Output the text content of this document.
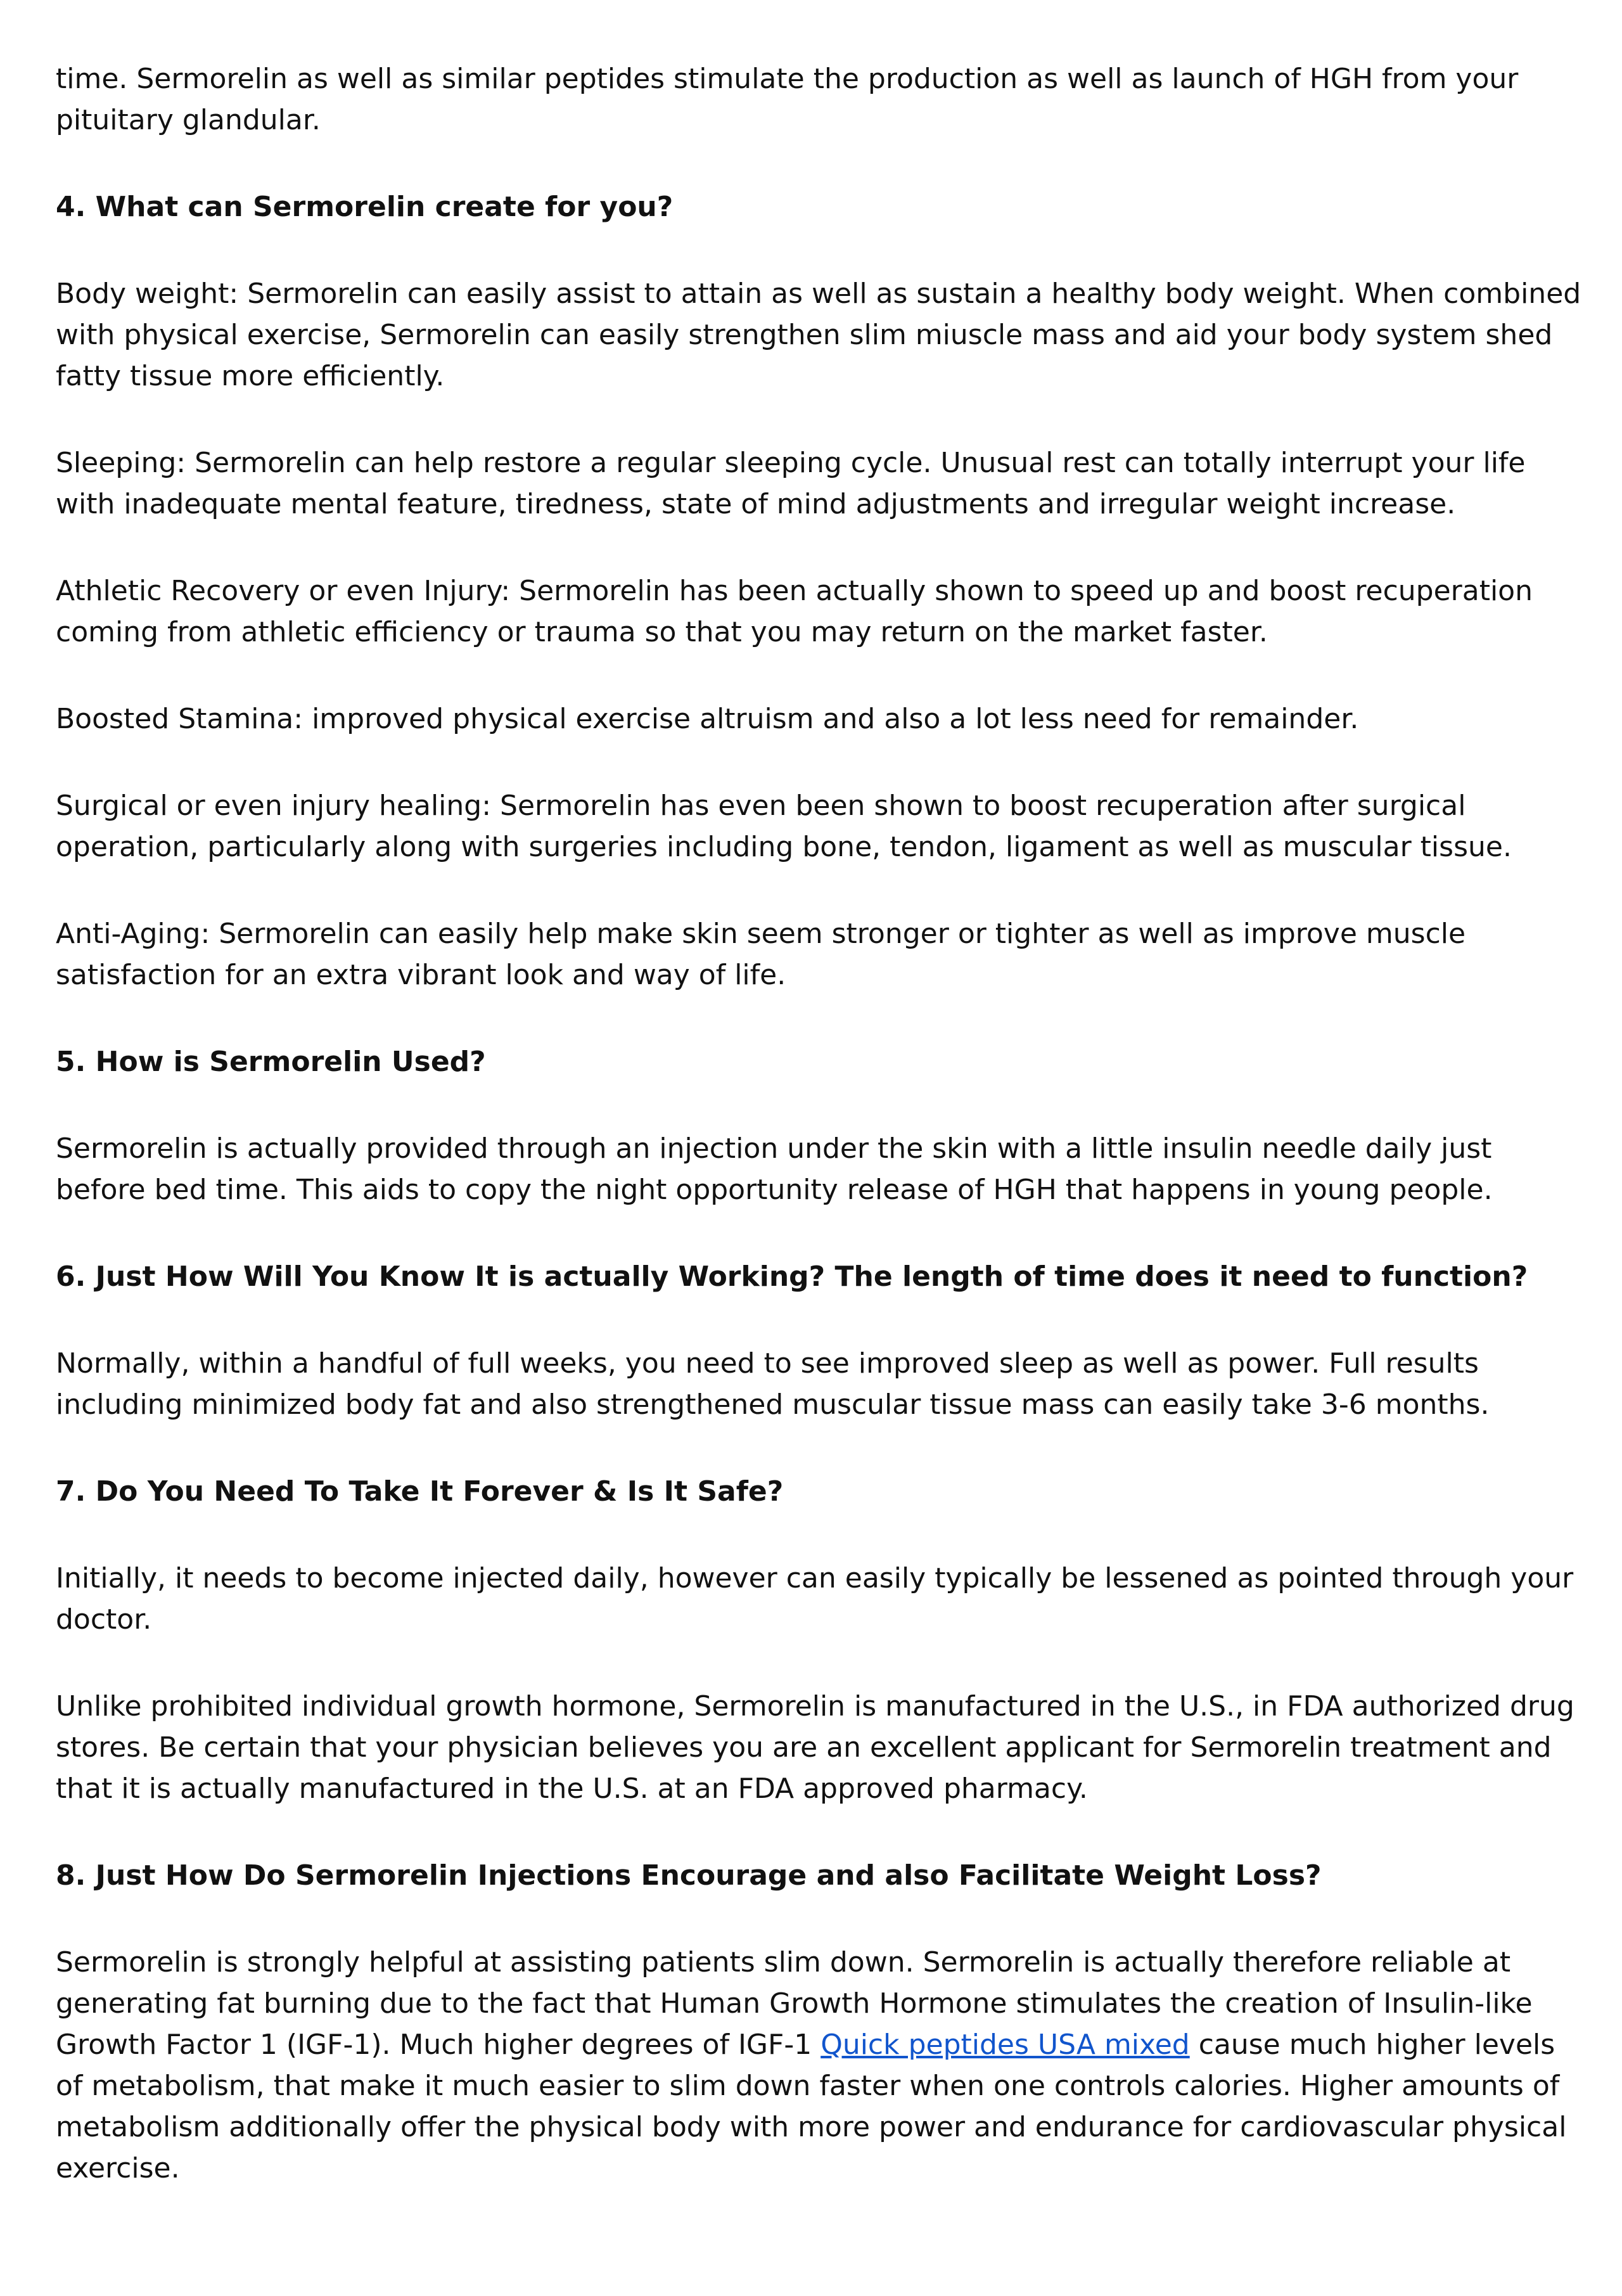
time. Sermorelin as well as similar peptides stimulate the production as well as launch of HGH from your pituitary glandular.

4. What can Sermorelin create for you?

Body weight: Sermorelin can easily assist to attain as well as sustain a healthy body weight. When combined with physical exercise, Sermorelin can easily strengthen slim miuscle mass and aid your body system shed fatty tissue more efficiently.

Sleeping: Sermorelin can help restore a regular sleeping cycle. Unusual rest can totally interrupt your life with inadequate mental feature, tiredness, state of mind adjustments and irregular weight increase.

Athletic Recovery or even Injury: Sermorelin has been actually shown to speed up and boost recuperation coming from athletic efficiency or trauma so that you may return on the market faster.

Boosted Stamina: improved physical exercise altruism and also a lot less need for remainder.

Surgical or even injury healing: Sermorelin has even been shown to boost recuperation after surgical operation, particularly along with surgeries including bone, tendon, ligament as well as muscular tissue.

Anti-Aging: Sermorelin can easily help make skin seem stronger or tighter as well as improve muscle satisfaction for an extra vibrant look and way of life.

5. How is Sermorelin Used?

Sermorelin is actually provided through an injection under the skin with a little insulin needle daily just before bed time. This aids to copy the night opportunity release of HGH that happens in young people.

6. Just How Will You Know It is actually Working? The length of time does it need to function?

Normally, within a handful of full weeks, you need to see improved sleep as well as power. Full results including minimized body fat and also strengthened muscular tissue mass can easily take 3-6 months.

7. Do You Need To Take It Forever & Is It Safe?

Initially, it needs to become injected daily, however can easily typically be lessened as pointed through your doctor.

Unlike prohibited individual growth hormone, Sermorelin is manufactured in the U.S., in FDA authorized drug stores. Be certain that your physician believes you are an excellent applicant for Sermorelin treatment and that it is actually manufactured in the U.S. at an FDA approved pharmacy.

8. Just How Do Sermorelin Injections Encourage and also Facilitate Weight Loss?

Sermorelin is strongly helpful at assisting patients slim down. Sermorelin is actually therefore reliable at generating fat burning due to the fact that Human Growth Hormone stimulates the creation of Insulin-like Growth Factor 1 (IGF-1). Much higher degrees of IGF-1 Quick peptides USA mixed cause much higher levels of metabolism, that make it much easier to slim down faster when one controls calories. Higher amounts of metabolism additionally offer the physical body with more power and endurance for cardiovascular physical exercise.
